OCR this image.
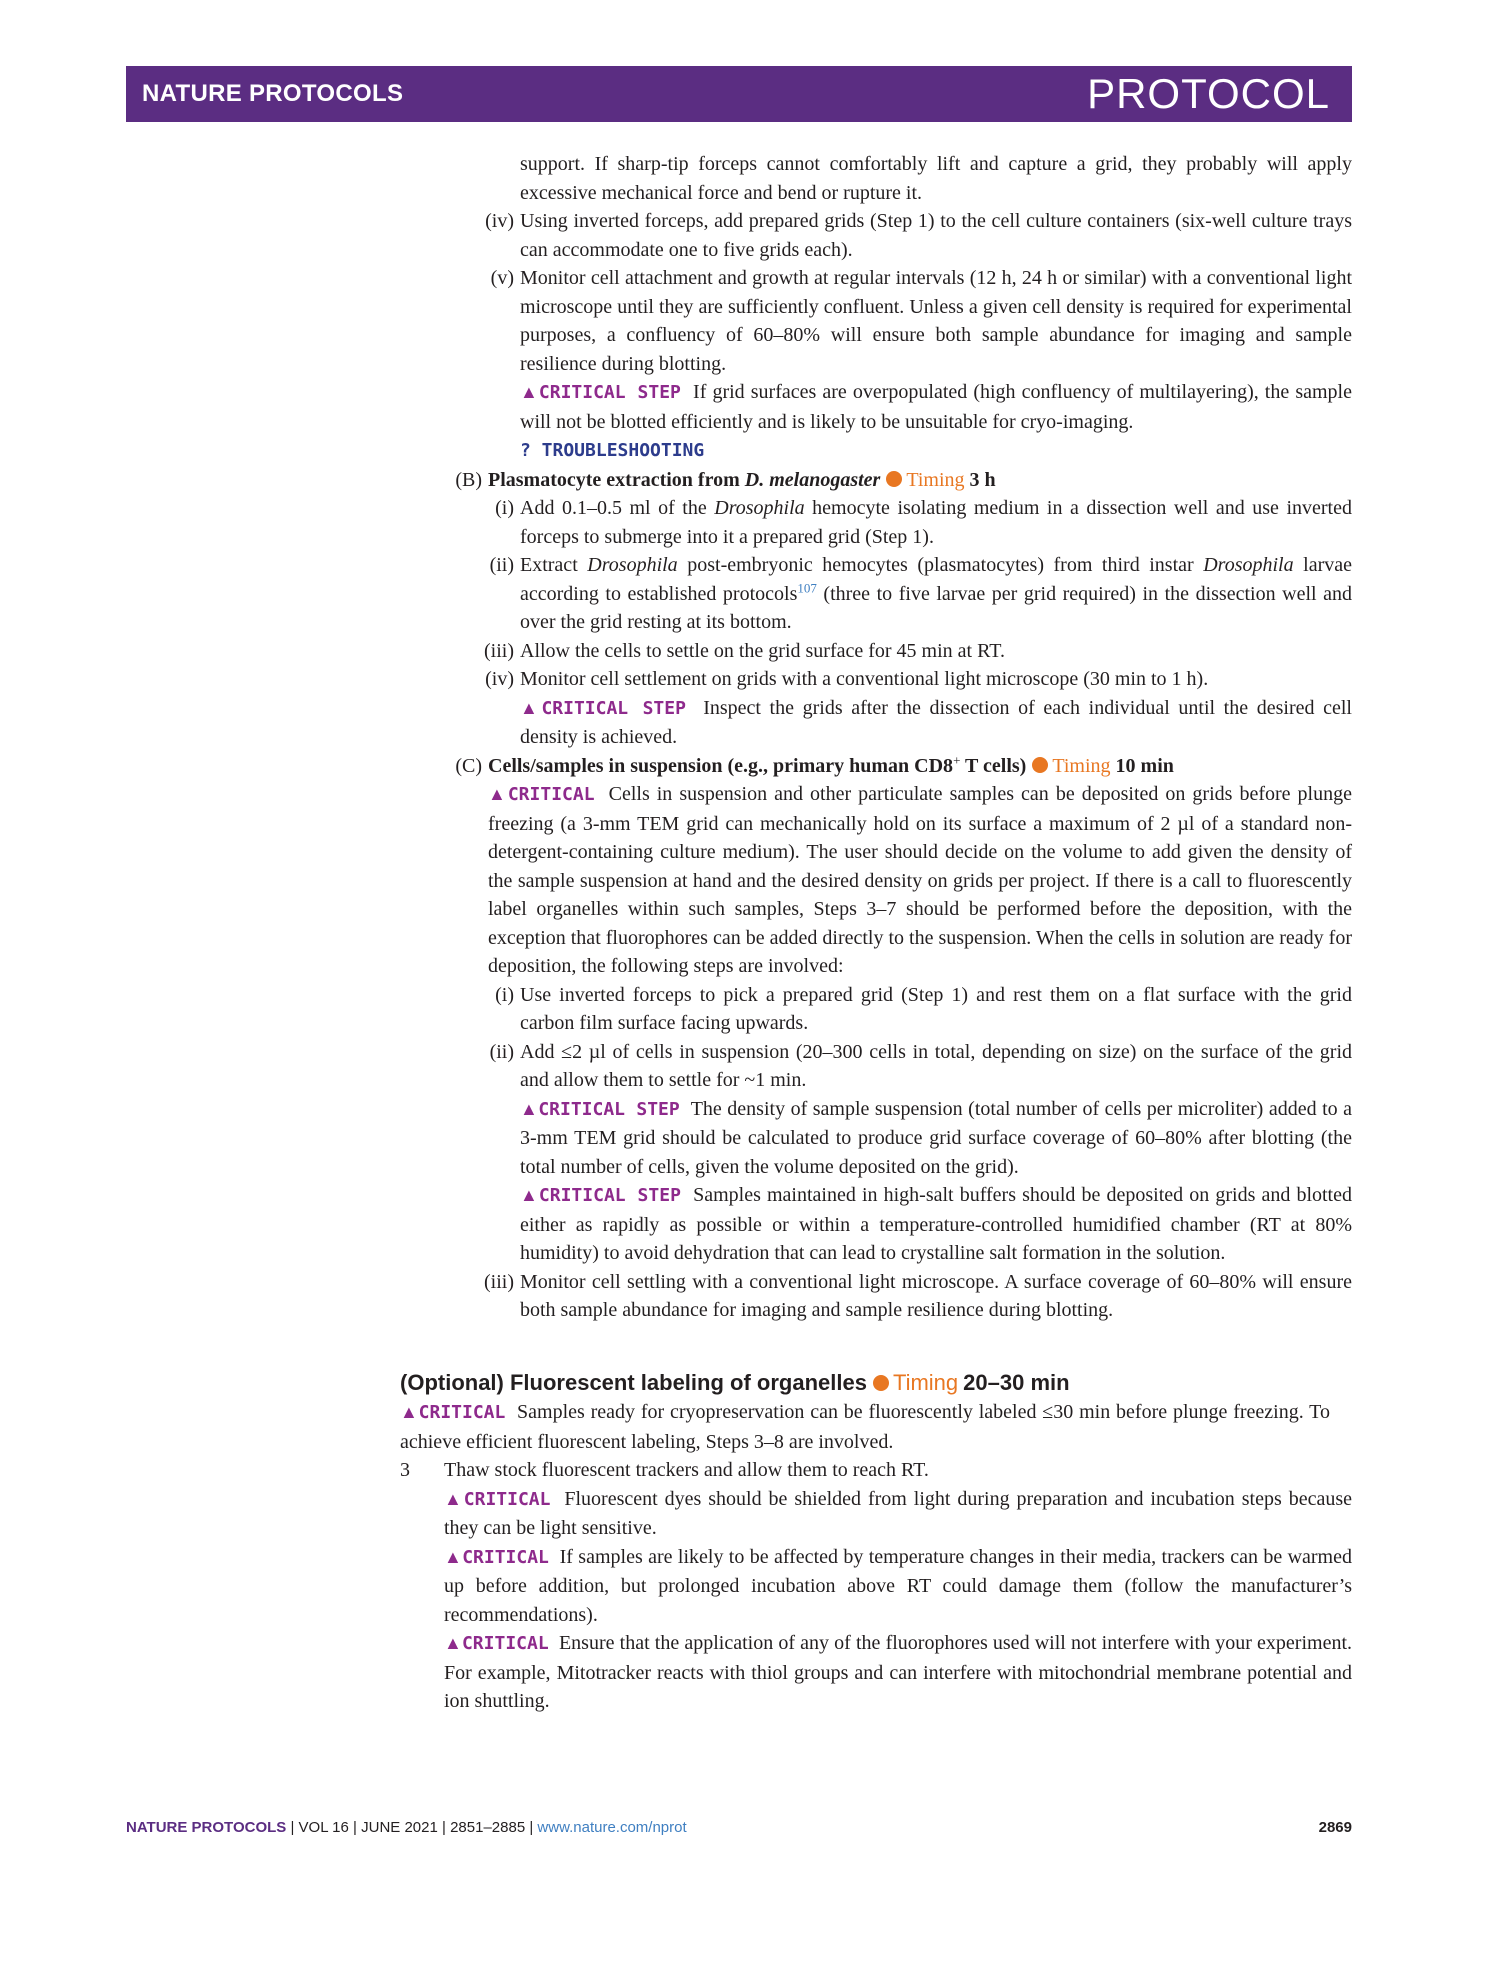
NATURE PROTOCOLS	PROTOCOL

support. If sharp-tip forceps cannot comfortably lift and capture a grid, they probably will apply excessive mechanical force and bend or rupture it.

(iv) Using inverted forceps, add prepared grids (Step 1) to the cell culture containers (six-well culture trays can accommodate one to five grids each).

(v) Monitor cell attachment and growth at regular intervals (12 h, 24 h or similar) with a conventional light microscope until they are sufficiently confluent. Unless a given cell density is required for experimental purposes, a confluency of 60–80% will ensure both sample abundance for imaging and sample resilience during blotting.

▲CRITICAL STEP If grid surfaces are overpopulated (high confluency of multilayering), the sample will not be blotted efficiently and is likely to be unsuitable for cryo-imaging.

? TROUBLESHOOTING

(B) Plasmatocyte extraction from D. melanogaster Timing 3 h

(i) Add 0.1–0.5 ml of the Drosophila hemocyte isolating medium in a dissection well and use inverted forceps to submerge into it a prepared grid (Step 1).

(ii) Extract Drosophila post-embryonic hemocytes (plasmatocytes) from third instar Drosophila larvae according to established protocols$^{107}$ (three to five larvae per grid required) in the dissection well and over the grid resting at its bottom.

(iii) Allow the cells to settle on the grid surface for 45 min at RT.

(iv) Monitor cell settlement on grids with a conventional light microscope (30 min to 1 h).

▲CRITICAL STEP Inspect the grids after the dissection of each individual until the desired cell density is achieved.

(C) Cells/samples in suspension (e.g., primary human CD8+ T cells) Timing 10 min

▲CRITICAL Cells in suspension and other particulate samples can be deposited on grids before plunge freezing (a 3-mm TEM grid can mechanically hold on its surface a maximum of 2 µl of a standard non-detergent-containing culture medium). The user should decide on the volume to add given the density of the sample suspension at hand and the desired density on grids per project. If there is a call to fluorescently label organelles within such samples, Steps 3–7 should be performed before the deposition, with the exception that fluorophores can be added directly to the suspension. When the cells in solution are ready for deposition, the following steps are involved:

(i) Use inverted forceps to pick a prepared grid (Step 1) and rest them on a flat surface with the grid carbon film surface facing upwards.

(ii) Add ≤2 µl of cells in suspension (20–300 cells in total, depending on size) on the surface of the grid and allow them to settle for ~1 min.

▲CRITICAL STEP The density of sample suspension (total number of cells per microliter) added to a 3-mm TEM grid should be calculated to produce grid surface coverage of 60–80% after blotting (the total number of cells, given the volume deposited on the grid).

▲CRITICAL STEP Samples maintained in high-salt buffers should be deposited on grids and blotted either as rapidly as possible or within a temperature-controlled humidified chamber (RT at 80% humidity) to avoid dehydration that can lead to crystalline salt formation in the solution.

(iii) Monitor cell settling with a conventional light microscope. A surface coverage of 60–80% will ensure both sample abundance for imaging and sample resilience during blotting.

(Optional) Fluorescent labeling of organelles Timing 20–30 min

▲CRITICAL Samples ready for cryopreservation can be fluorescently labeled ≤30 min before plunge freezing. To achieve efficient fluorescent labeling, Steps 3–8 are involved.

3 Thaw stock fluorescent trackers and allow them to reach RT.

▲CRITICAL Fluorescent dyes should be shielded from light during preparation and incubation steps because they can be light sensitive.

▲CRITICAL If samples are likely to be affected by temperature changes in their media, trackers can be warmed up before addition, but prolonged incubation above RT could damage them (follow the manufacturer’s recommendations).

▲CRITICAL Ensure that the application of any of the fluorophores used will not interfere with your experiment. For example, Mitotracker reacts with thiol groups and can interfere with mitochondrial membrane potential and ion shuttling.

NATURE PROTOCOLS | VOL 16 | JUNE 2021 | 2851–2885 | www.nature.com/nprot	2869
